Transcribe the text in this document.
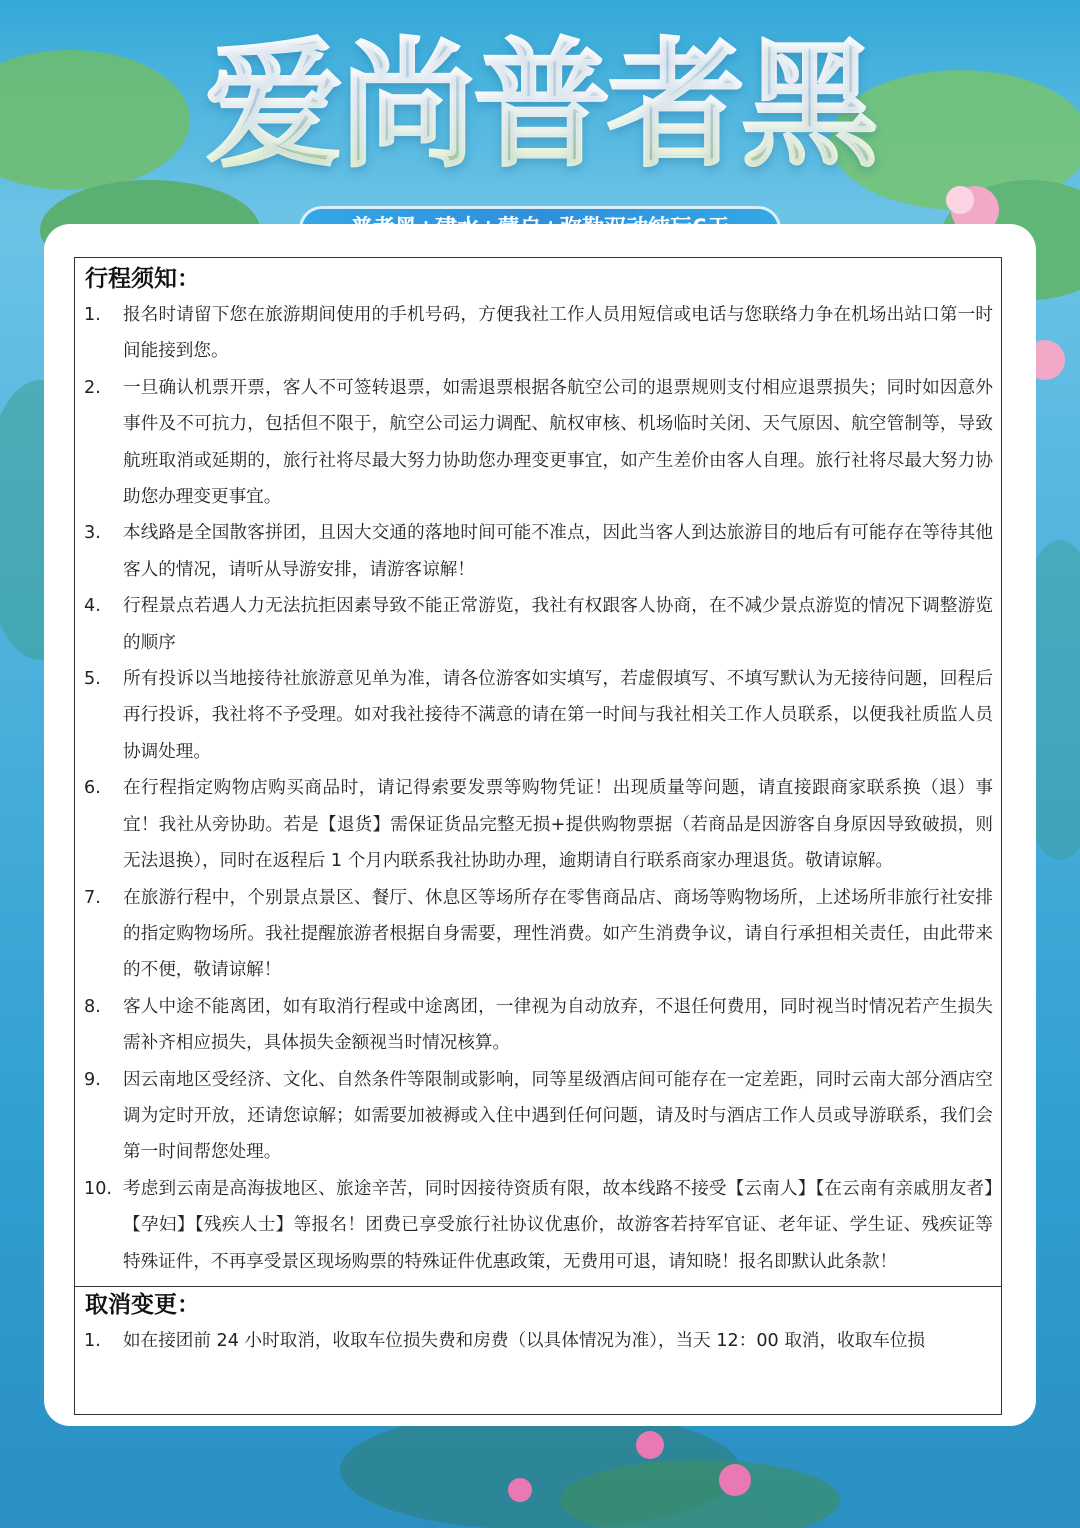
爱尚普者黑
行程须知：
1.	报名时请留下您在旅游期间使用的手机号码，方便我社工作人员用短信或电话与您联络力争在机场出站口第一时间能接到您。
2.	一旦确认机票开票，客人不可签转退票，如需退票根据各航空公司的退票规则支付相应退票损失；同时如因意外事件及不可抗力，包括但不限于，航空公司运力调配、航权审核、机场临时关闭、天气原因、航空管制等，导致航班取消或延期的，旅行社将尽最大努力协助您办理变更事宜，如产生差价由客人自理。旅行社将尽最大努力协助您办理变更事宜。
3.	本线路是全国散客拼团，且因大交通的落地时间可能不准点，因此当客人到达旅游目的地后有可能存在等待其他客人的情况，请听从导游安排，请游客谅解！
4.	行程景点若遇人力无法抗拒因素导致不能正常游览，我社有权跟客人协商，在不减少景点游览的情况下调整游览的顺序
5.	所有投诉以当地接待社旅游意见单为准，请各位游客如实填写，若虚假填写、不填写默认为无接待问题，回程后再行投诉，我社将不予受理。如对我社接待不满意的请在第一时间与我社相关工作人员联系，以便我社质监人员协调处理。
6.	在行程指定购物店购买商品时，请记得索要发票等购物凭证！出现质量等问题，请直接跟商家联系换（退）事宜！我社从旁协助。若是【退货】需保证货品完整无损+提供购物票据（若商品是因游客自身原因导致破损，则无法退换），同时在返程后 1 个月内联系我社协助办理，逾期请自行联系商家办理退货。敬请谅解。
7.	在旅游行程中，个别景点景区、餐厅、休息区等场所存在零售商品店、商场等购物场所，上述场所非旅行社安排的指定购物场所。我社提醒旅游者根据自身需要，理性消费。如产生消费争议，请自行承担相关责任，由此带来的不便，敬请谅解！
8.	客人中途不能离团，如有取消行程或中途离团，一律视为自动放弃，不退任何费用，同时视当时情况若产生损失需补齐相应损失，具体损失金额视当时情况核算。
9.	因云南地区受经济、文化、自然条件等限制或影响，同等星级酒店间可能存在一定差距，同时云南大部分酒店空调为定时开放，还请您谅解；如需要加被褥或入住中遇到任何问题，请及时与酒店工作人员或导游联系，我们会第一时间帮您处理。
10. 考虑到云南是高海拔地区、旅途辛苦，同时因接待资质有限，故本线路不接受【云南人】【在云南有亲戚朋友者】【孕妇】【残疾人士】等报名！团费已享受旅行社协议优惠价，故游客若持军官证、老年证、学生证、残疾证等特殊证件，不再享受景区现场购票的特殊证件优惠政策，无费用可退，请知晓！报名即默认此条款！
取消变更：
1.	如在接团前 24 小时取消，收取车位损失费和房费（以具体情况为准），当天 12：00 取消，收取车位损
